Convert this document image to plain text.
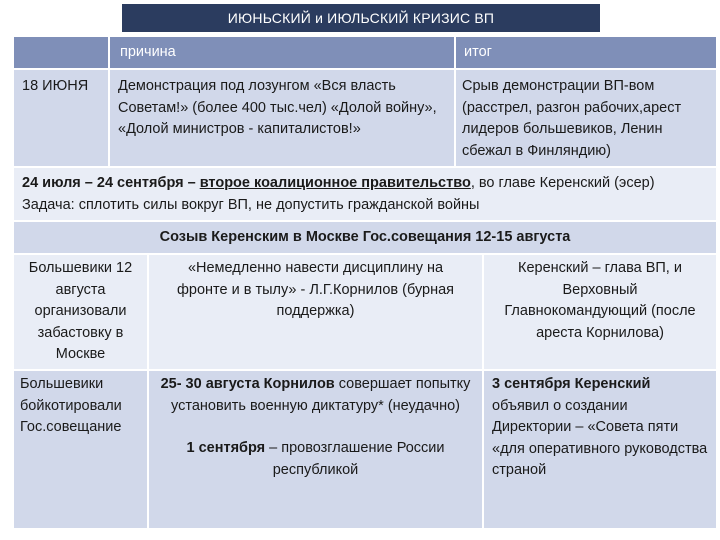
ИЮНЬСКИЙ и ИЮЛЬСКИЙ КРИЗИС ВП
причина	итог
18 ИЮНЯ	Демонстрация под лозунгом «Вся власть Советам!» (более 400 тыс.чел) «Долой войну», «Долой министров - капиталистов!»
Срыв демонстрации ВП-вом (расстрел, разгон рабочих,арест лидеров большевиков, Ленин сбежал в Финляндию)
24 июля – 24 сентября – второе коалиционное правительство, во главе Керенский (эсер)
Задача: сплотить силы вокруг ВП, не допустить гражданской войны
Созыв Керенским в Москве Гос.совещания 12-15 августа
Большевики 12 августа организовали забастовку в Москве
«Немедленно навести дисциплину на фронте и в тылу» - Л.Г.Корнилов (бурная поддержка)
Керенский – глава ВП, и Верховный Главнокомандующий (после ареста Корнилова)
Большевики бойкотировали Гос.совещание
25- 30 августа Корнилов совершает попытку установить военную диктатуру* (неудачно)
1 сентября – провозглашение России республикой
3 сентября Керенский объявил о создании Директории – «Совета пяти «для оперативного руководства страной
